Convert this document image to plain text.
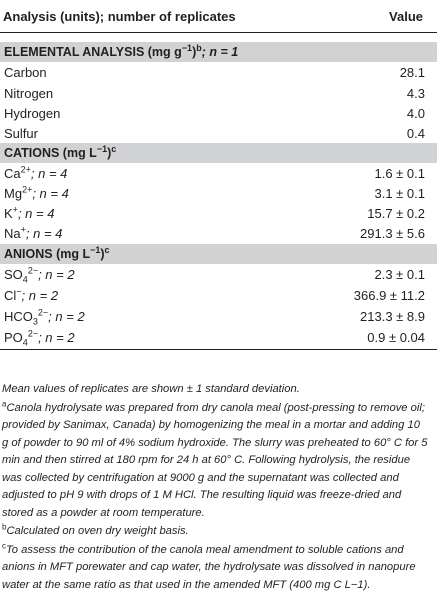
Analysis (units); number of replicates	Value
ELEMENTAL ANALYSIS (mg $g^{-1})^b$; n = 1
Carbon	28.1
Nitrogen	4.3
Hydrogen	4.0
Sulfur	0.4
CATIONS (mg $L^{-1})^c$
$Ca^{2+}$; n = 4	1.6 ± 0.1
$Mg^{2+}$; n = 4	3.1 ± 0.1
K+; n = 4	15.7 ± 0.2
Na+; n = 4	291.3 ± 5.6
ANIONS (mg $L^{-1})^c$
$SO_4^{2-}$; n = 2	2.3 ± 0.1
Cl−; n = 2	366.9 ± 11.2
$HCO_3^{2-}$; n = 2	213.3 ± 8.9
$PO_4^{2-}$; n = 2	0.9 ± 0.04

Mean values of replicates are shown ± 1 standard deviation.

$^a$Canola hydrolysate was prepared from dry canola meal (post-pressing to remove oil; provided by Sanimax, Canada) by homogenizing the meal in a mortar and adding 10 g of powder to 90 ml of 4% sodium hydroxide. The slurry was preheated to 60° C for 5 min and then stirred at 180 rpm for 24 h at 60° C. Following hydrolysis, the residue was collected by centrifugation at 9000 g and the supernatant was collected and adjusted to pH 9 with drops of 1 M HCl. The resulting liquid was freeze-dried and stored as a powder at room temperature.

$^b$Calculated on oven dry weight basis.

$^c$To assess the contribution of the canola meal amendment to soluble cations and anions in MFT porewater and cap water, the hydrolysate was dissolved in nanopure water at the same ratio as that used in the amended MFT (400 mg C L−1).
